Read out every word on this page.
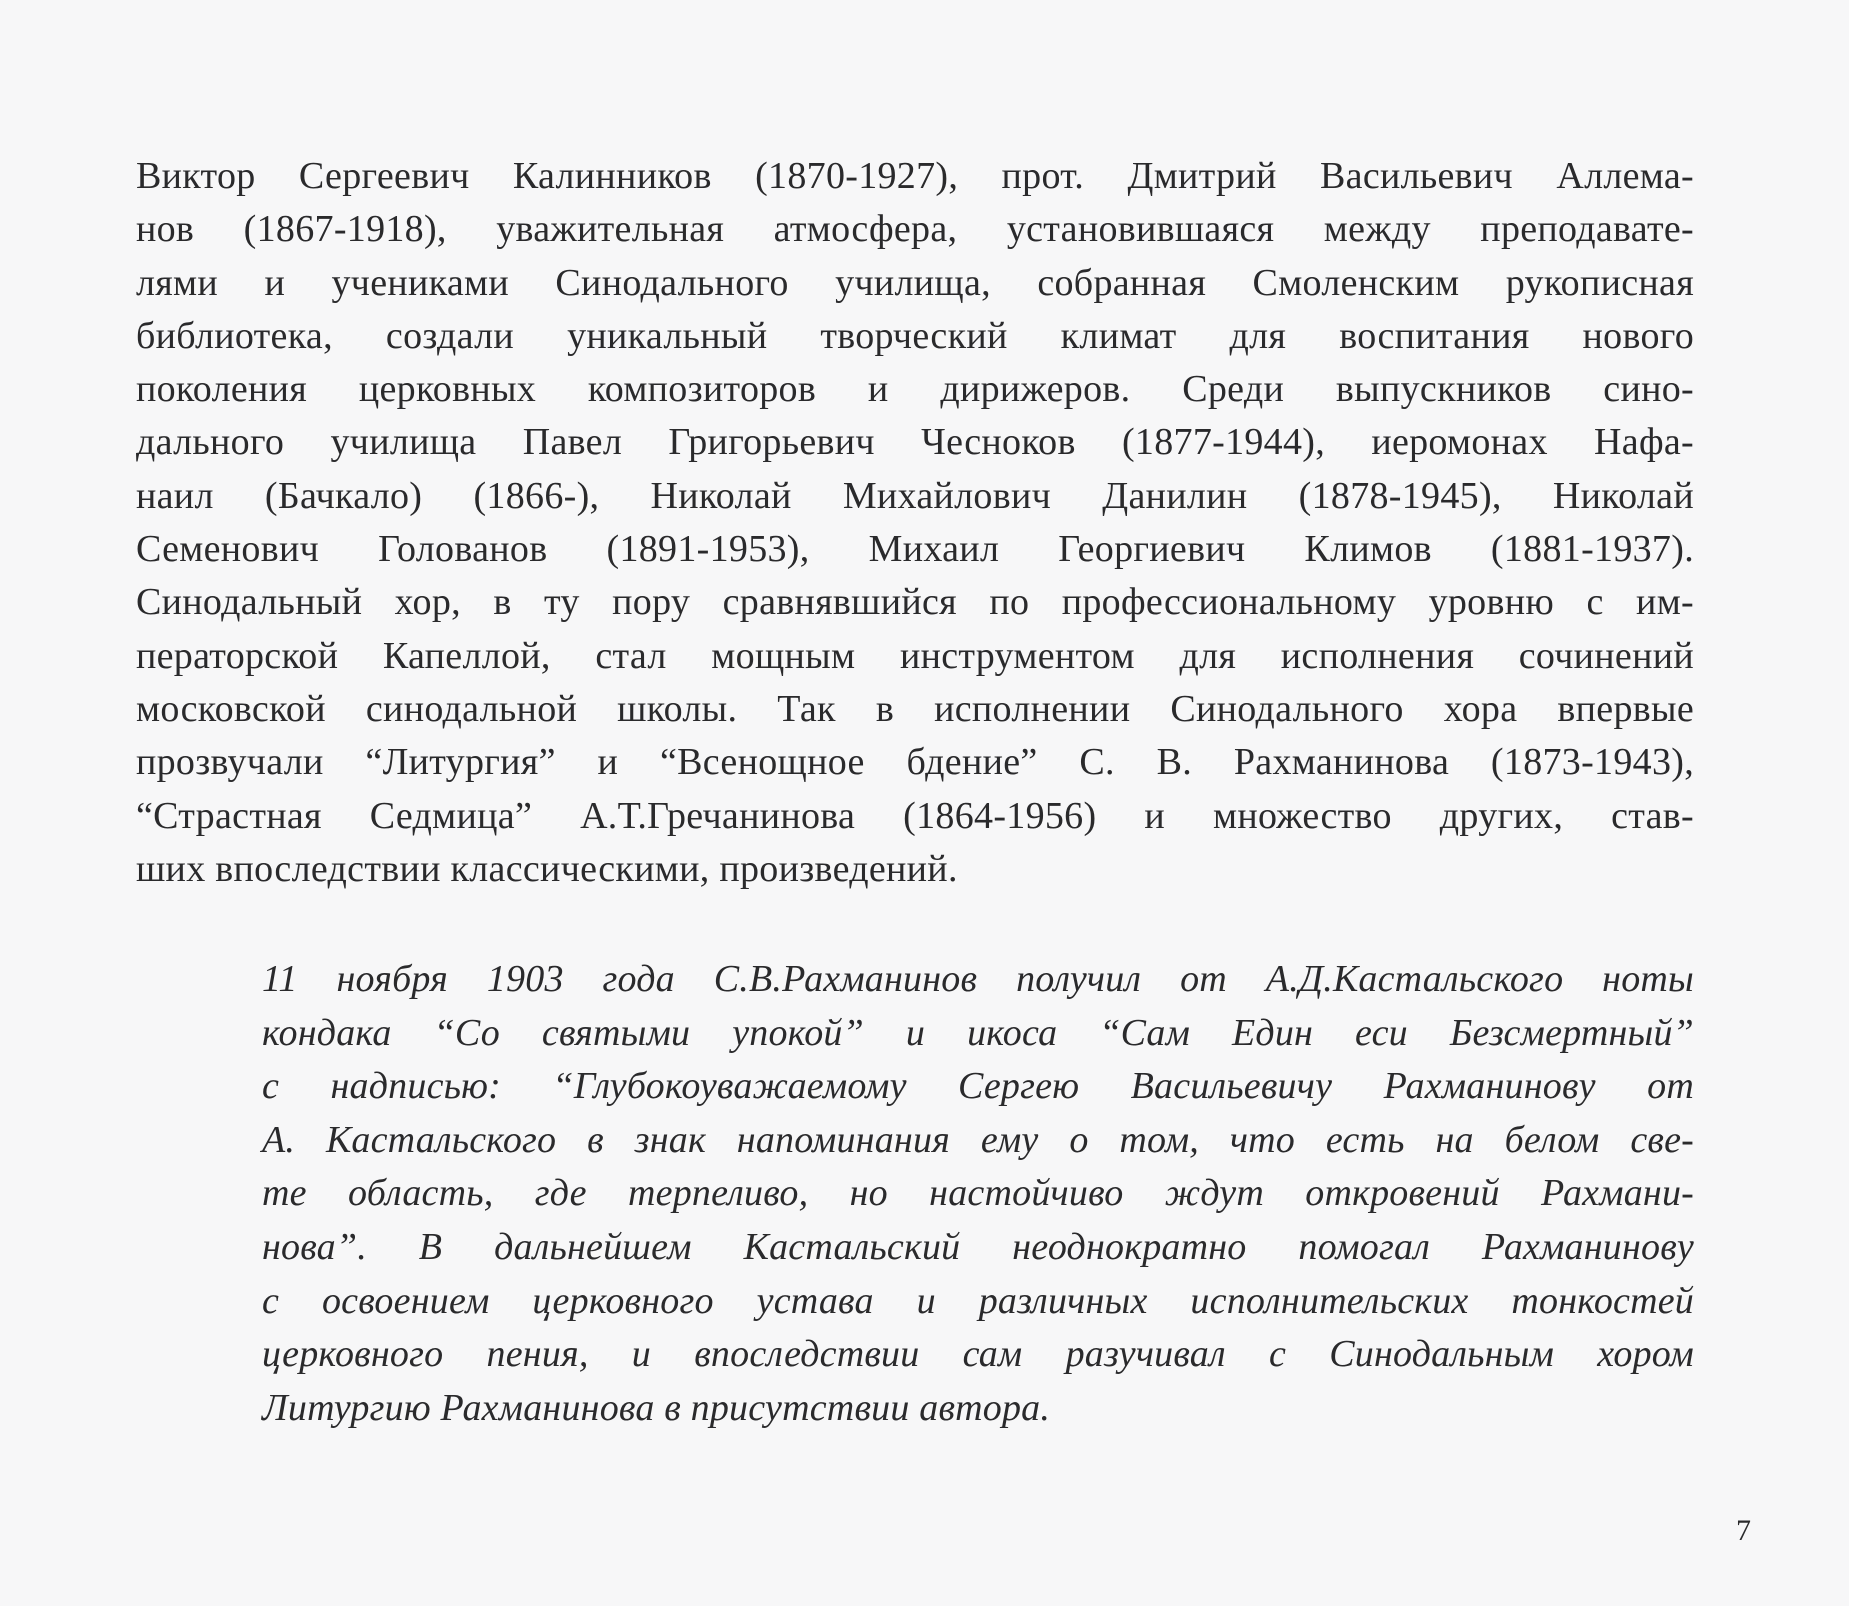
Виктор Сергеевич Калинников (1870-1927), прот. Дмитрий Васильевич Аллема-
нов (1867-1918), уважительная атмосфера, установившаяся между преподавате-
лями и учениками Синодального училища, собранная Смоленским рукописная
библиотека, создали уникальный творческий климат для воспитания нового
поколения церковных композиторов и дирижеров. Среди выпускников сино-
дального училища Павел Григорьевич Чесноков (1877-1944), иеромонах Нафа-
наил (Бачкало) (1866-), Николай Михайлович Данилин (1878-1945), Николай
Семенович Голованов (1891-1953), Михаил Георгиевич Климов (1881-1937).
Синодальный хор, в ту пору сравнявшийся по профессиональному уровню с им-
ператорской Капеллой, стал мощным инструментом для исполнения сочинений
московской синодальной школы. Так в исполнении Синодального хора впервые
прозвучали “Литургия” и “Всенощное бдение” С. В. Рахманинова (1873-1943),
“Страстная Седмица” А.Т.Гречанинова (1864-1956) и множество других, став-
ших впоследствии классическими, произведений.
11 ноября 1903 года С.В.Рахманинов получил от А.Д.Кастальского ноты
кондака “Со святыми упокой” и икоса “Сам Един еси Безсмертный”
с надписью: “Глубокоуважаемому Сергею Васильевичу Рахманинову от
А. Кастальского в знак напоминания ему о том, что есть на белом све-
те область, где терпеливо, но настойчиво ждут откровений Рахмани-
нова”. В дальнейшем Кастальский неоднократно помогал Рахманинову
с освоением церковного устава и различных исполнительских тонкостей
церковного пения, и впоследствии сам разучивал с Синодальным хором
Литургию Рахманинова в присутствии автора.
7
